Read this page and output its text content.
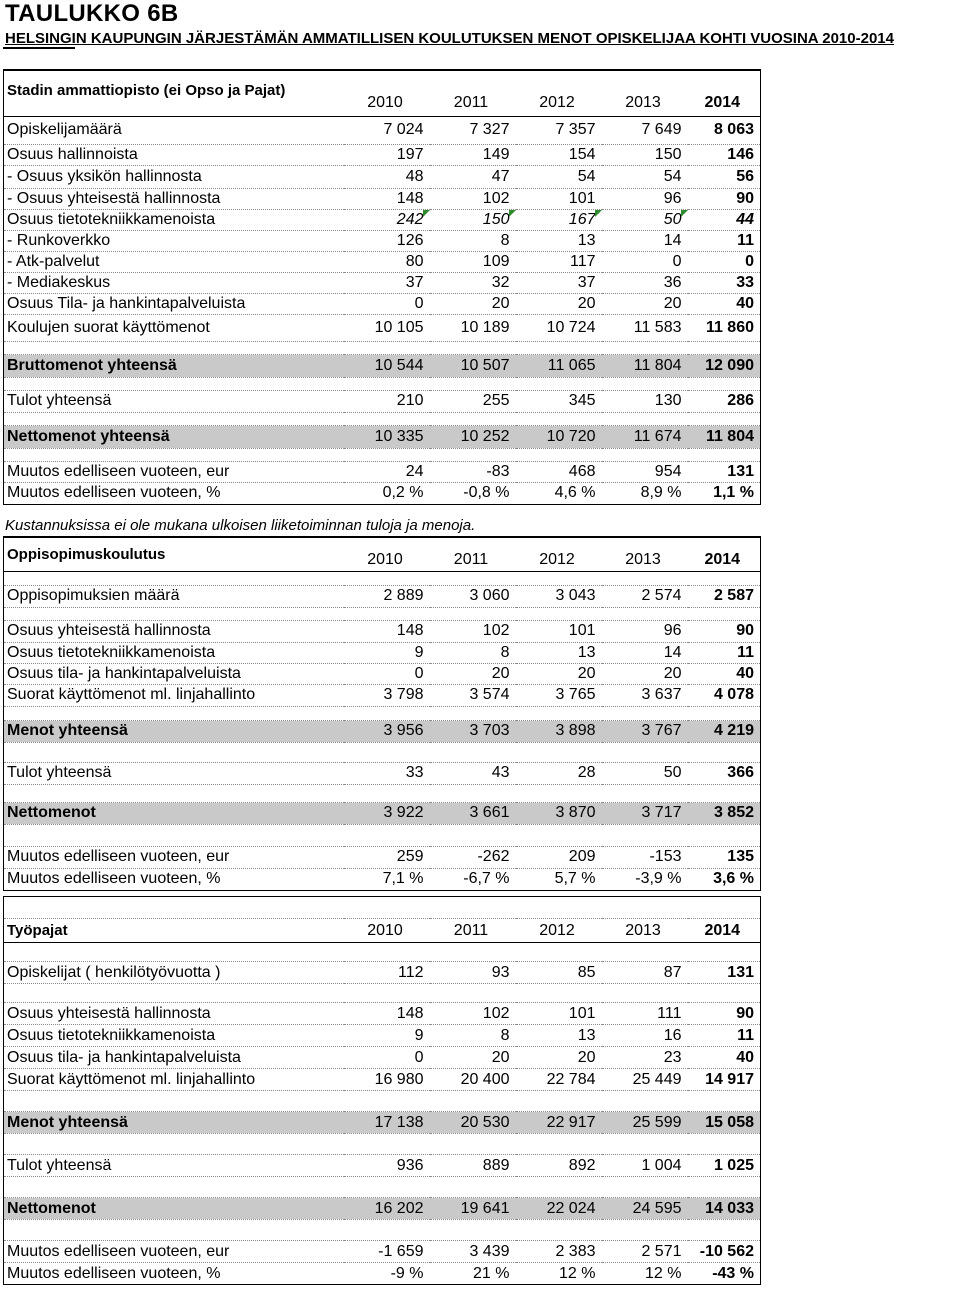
TAULUKKO 6B
HELSINGIN KAUPUNGIN JÄRJESTÄMÄN AMMATILLISEN KOULUTUKSEN MENOT OPISKELIJAA KOHTI VUOSINA 2010-2014
Stadin ammattiopisto (ei Opso ja Pajat)	2010	2011	2012	2013	2014
Opiskelijamäärä	7 024	7 327	7 357	7 649	8 063
Osuus hallinnoista	197	149	154	150	146
- Osuus yksikön hallinnosta	48	47	54	54	56
- Osuus yhteisestä hallinnosta	148	102	101	96	90
Osuus tietotekniikkamenoista	242	150	167	50	44
- Runkoverkko	126	8	13	14	11
- Atk-palvelut	80	109	117	0	0
- Mediakeskus	37	32	37	36	33
Osuus Tila- ja hankintapalveluista	0	20	20	20	40
Koulujen suorat käyttömenot	10 105	10 189	10 724	11 583	11 860

Bruttomenot yhteensä	10 544	10 507	11 065	11 804	12 090

Tulot yhteensä	210	255	345	130	286

Nettomenot yhteensä	10 335	10 252	10 720	11 674	11 804

Muutos edelliseen vuoteen, eur	24	-83	468	954	131
Muutos edelliseen vuoteen, %	0,2 %	-0,8 %	4,6 %	8,9 %	1,1 %
Kustannuksissa ei ole mukana ulkoisen liiketoiminnan tuloja ja menoja.
Oppisopimuskoulutus	2010	2011	2012	2013	2014

Oppisopimuksien määrä	2 889	3 060	3 043	2 574	2 587

Osuus yhteisestä hallinnosta	148	102	101	96	90
Osuus tietotekniikkamenoista	9	8	13	14	11
Osuus tila- ja hankintapalveluista	0	20	20	20	40
Suorat käyttömenot ml. linjahallinto	3 798	3 574	3 765	3 637	4 078

Menot yhteensä	3 956	3 703	3 898	3 767	4 219

Tulot yhteensä	33	43	28	50	366

Nettomenot	3 922	3 661	3 870	3 717	3 852

Muutos edelliseen vuoteen, eur	259	-262	209	-153	135
Muutos edelliseen vuoteen, %	7,1 %	-6,7 %	5,7 %	-3,9 %	3,6 %

Työpajat	2010	2011	2012	2013	2014

Opiskelijat ( henkilötyövuotta )	112	93	85	87	131

Osuus yhteisestä hallinnosta	148	102	101	111	90
Osuus tietotekniikkamenoista	9	8	13	16	11
Osuus tila- ja hankintapalveluista	0	20	20	23	40
Suorat käyttömenot ml. linjahallinto	16 980	20 400	22 784	25 449	14 917

Menot yhteensä	17 138	20 530	22 917	25 599	15 058

Tulot yhteensä	936	889	892	1 004	1 025

Nettomenot	16 202	19 641	22 024	24 595	14 033

Muutos edelliseen vuoteen, eur	-1 659	3 439	2 383	2 571	-10 562
Muutos edelliseen vuoteen, %	-9 %	21 %	12 %	12 %	-43 %
